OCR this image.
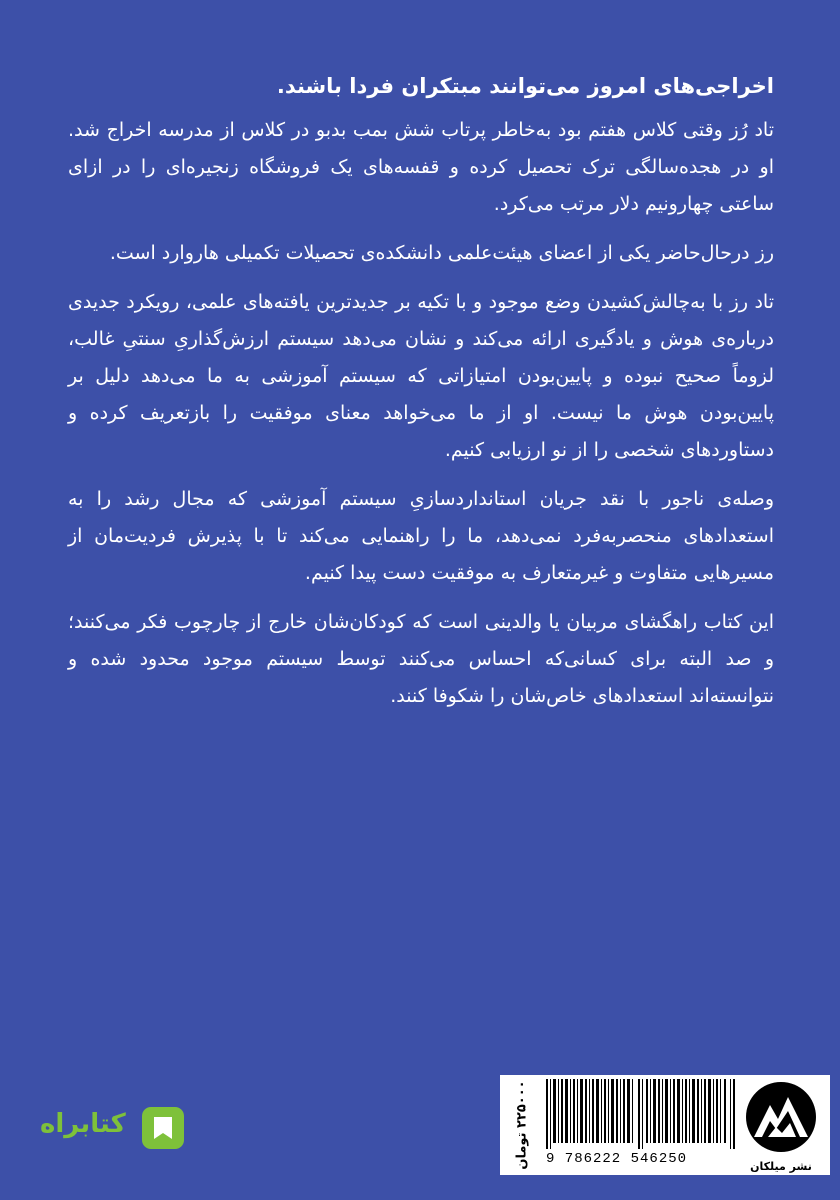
اخراجی‌های امروز می‌توانند مبتکران فردا باشند.

تاد رُز وقتی کلاس هفتم بود به‌خاطر پرتاب شش بمب بدبو در کلاس از مدرسه اخراج شد. او در هجده‌سالگی ترک تحصیل کرده و قفسه‌های یک فروشگاه زنجیره‌ای را در ازای ساعتی چهارونیم دلار مرتب می‌کرد.

رز درحال‌حاضر یکی از اعضای هیئت‌علمی دانشکده‌ی تحصیلات تکمیلی هاروارد است.

تاد رز با به‌چالش‌کشیدن وضع موجود و با تکیه بر جدیدترین یافته‌های علمی، رویکرد جدیدی درباره‌ی هوش و یادگیری ارائه می‌کند و نشان می‌دهد سیستم ارزش‌گذاریِ سنتیِ غالب، لزوماً صحیح نبوده و پایین‌بودن امتیازاتی که سیستم آموزشی به ما می‌دهد دلیل بر پایین‌بودن هوش ما نیست. او از ما می‌خواهد معنای موفقیت را بازتعریف کرده و دستاوردهای شخصی را از نو ارزیابی کنیم.

وصله‌ی ناجور با نقد جریان استانداردسازیِ سیستم آموزشی که مجال رشد را به استعدادهای منحصربه‌فرد نمی‌دهد، ما را راهنمایی می‌کند تا با پذیرش فردیت‌مان از مسیرهایی متفاوت و غیرمتعارف به موفقیت دست پیدا کنیم.

این کتاب راهگشای مربیان یا والدینی است که کودکان‌شان خارج از چارچوب فکر می‌کنند؛ و صد البته برای کسانی‌که احساس می‌کنند توسط سیستم موجود محدود شده و نتوانسته‌اند استعدادهای خاص‌شان را شکوفا کنند.

۲۲۵۰۰۰ تومان
9 786222 546250	نشر میلکان
کتابراه
